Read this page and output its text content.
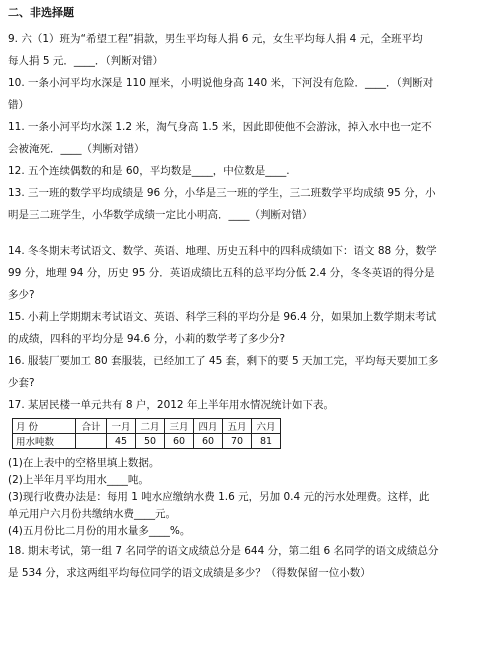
二、非选择题

9. 六（1）班为“希望工程”捐款，男生平均每人捐 6 元，女生平均每人捐 4 元，全班平均

每人捐 5 元．____．（判断对错）

10. 一条小河平均水深是 110 厘米，小明说他身高 140 米，下河没有危险．____．（判断对

错）

11. 一条小河平均水深 1.2 米，淘气身高 1.5 米，因此即使他不会游泳，掉入水中也一定不

会被淹死．____（判断对错）

12. 五个连续偶数的和是 60，平均数是____，中位数是____.

13. 三一班的数学平均成绩是 96 分，小华是三一班的学生，三二班数学平均成绩 95 分，小

明是三二班学生，小华数学成绩一定比小明高．____（判断对错）

14. 冬冬期末考试语文、数学、英语、地理、历史五科中的四科成绩如下：语文 88 分，数学

99 分，地理 94 分，历史 95 分．英语成绩比五科的总平均分低 2.4 分，冬冬英语的得分是

多少?

15. 小莉上学期期末考试语文、英语、科学三科的平均分是 96.4 分，如果加上数学期末考试

的成绩，四科的平均分是 94.6 分，小莉的数学考了多少分?

16. 服装厂要加工 80 套服装，已经加工了 45 套，剩下的要 5 天加工完，平均每天要加工多

少套?

17. 某居民楼一单元共有 8 户，2012 年上半年用水情况统计如下表。

月 份	合计	一月	二月	三月	四月	五月	六月
用水吨数		45	50	60	60	70	81

(1)在上表中的空格里填上数据。

(2)上半年月平均用水____吨。

(3)现行收费办法是：每用 1 吨水应缴纳水费 1.6 元，另加 0.4 元的污水处理费。这样，此

单元用户六月份共缴纳水费____元。

(4)五月份比二月份的用水量多____%。

18. 期末考试，第一组 7 名同学的语文成绩总分是 644 分，第二组 6 名同学的语文成绩总分

是 534 分，求这两组平均每位同学的语文成绩是多少？（得数保留一位小数）
